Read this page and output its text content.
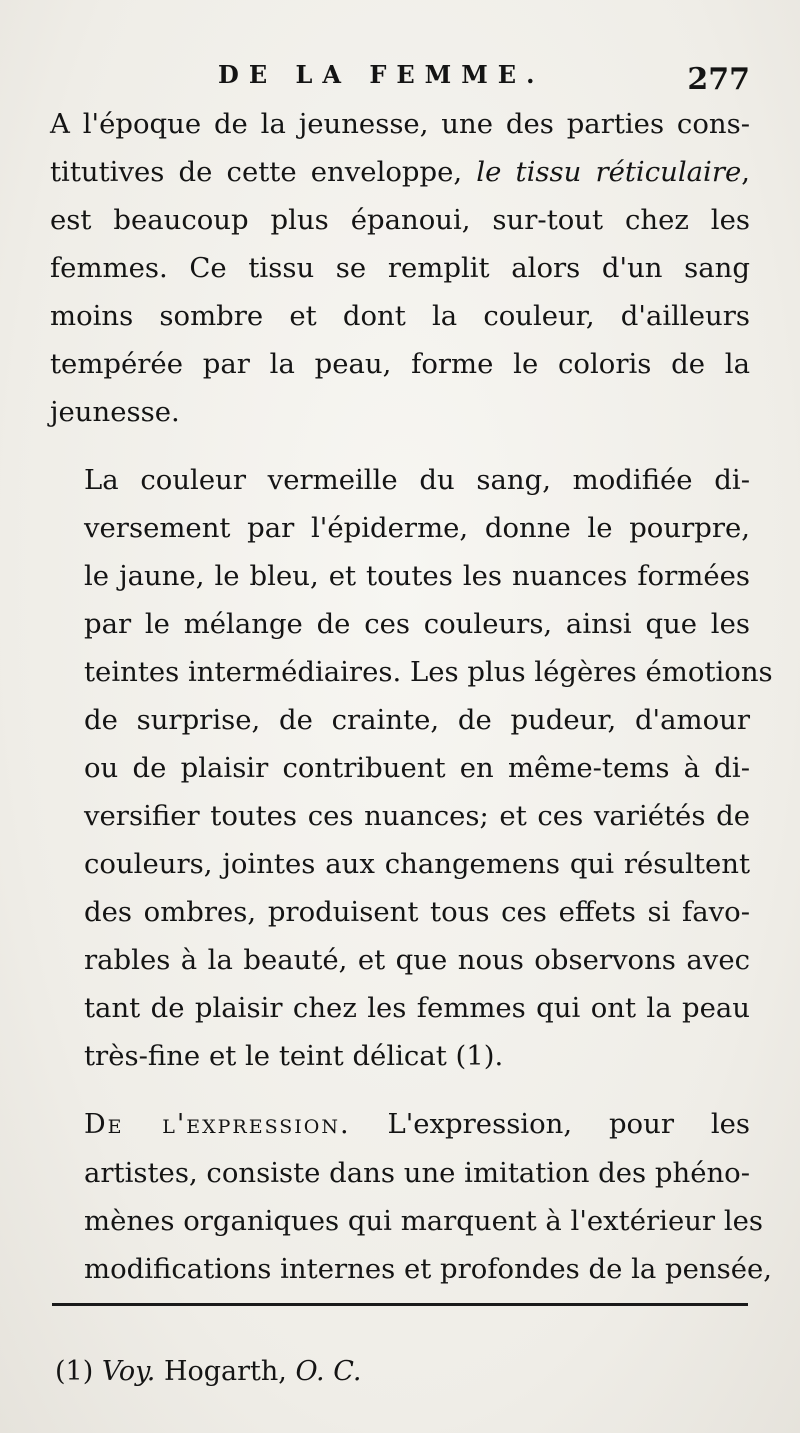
DE LA FEMME.	277

A l'époque de la jeunesse, une des parties cons-
titutives de cette enveloppe, le tissu réticulaire,
est beaucoup plus épanoui, sur-tout chez les
femmes. Ce tissu se remplit alors d'un sang
moins sombre et dont la couleur, d'ailleurs
tempérée par la peau, forme le coloris de la
jeunesse.

La couleur vermeille du sang, modifiée di-
versement par l'épiderme, donne le pourpre,
le jaune, le bleu, et toutes les nuances formées
par le mélange de ces couleurs, ainsi que les
teintes intermédiaires. Les plus légères émotions
de surprise, de crainte, de pudeur, d'amour
ou de plaisir contribuent en même-tems à di-
versifier toutes ces nuances; et ces variétés de
couleurs, jointes aux changemens qui résultent
des ombres, produisent tous ces effets si favo-
rables à la beauté, et que nous observons avec
tant de plaisir chez les femmes qui ont la peau
très-fine et le teint délicat (1).

De l'expression. L'expression, pour les
artistes, consiste dans une imitation des phéno-
mènes organiques qui marquent à l'extérieur les
modifications internes et profondes de la pensée,

(1) Voy. Hogarth, O. C.
